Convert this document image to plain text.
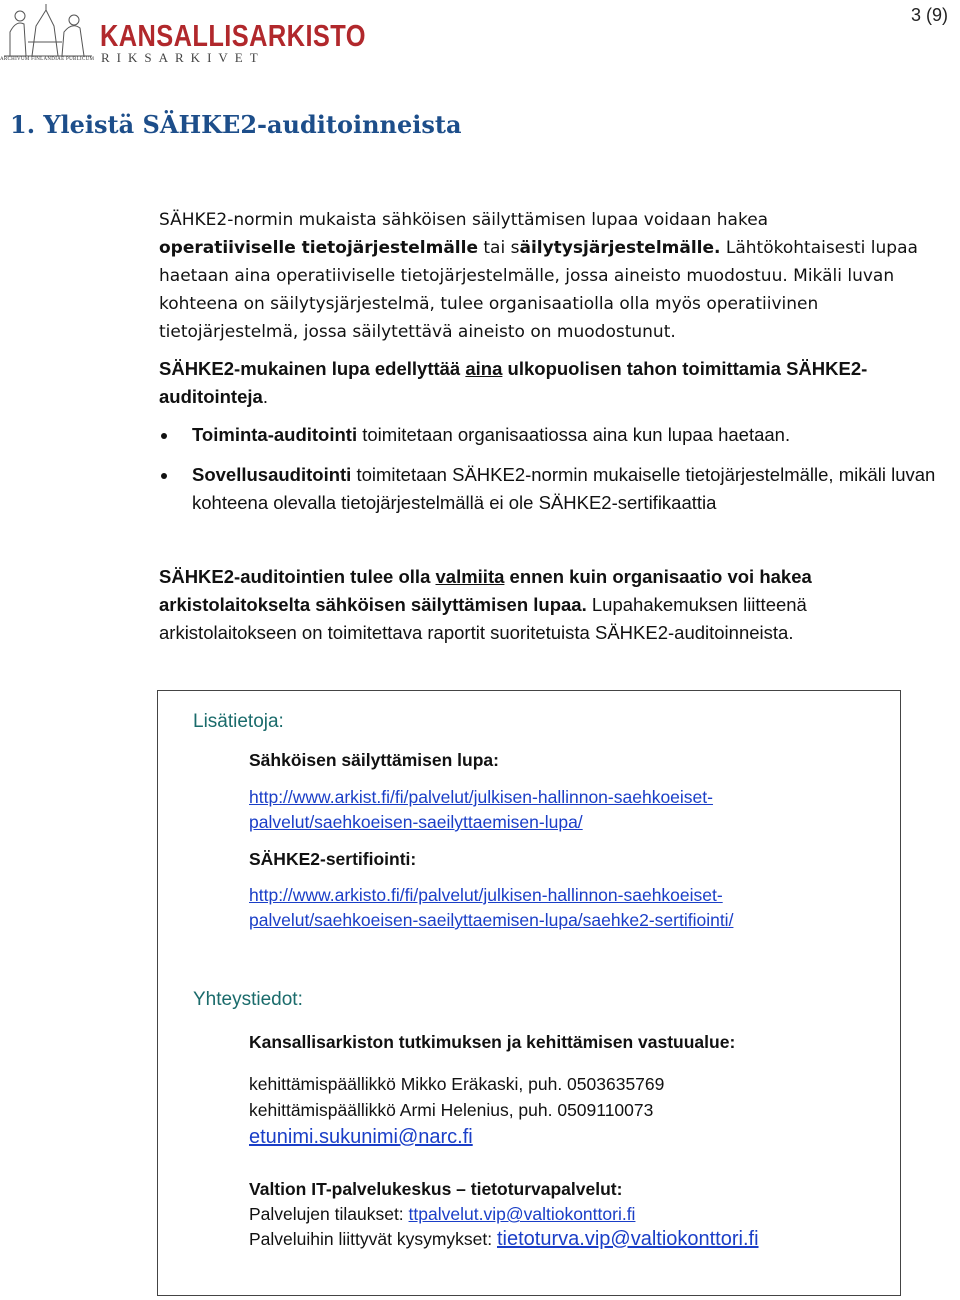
KANSALLISARKISTO
RIKSARKIVET
ARCHIVUM FINLANDIAE PUBLICUM
3 (9)
1. Yleistä SÄHKE2-auditoinneista

SÄHKE2-normin mukaista sähköisen säilyttämisen lupaa voidaan hakea
operatiiviselle tietojärjestelmälle tai säilytysjärjestelmälle. Lähtökohtaisesti lupaa haetaan aina operatiiviselle tietojärjestelmälle, jossa aineisto muodostuu. Mikäli luvan kohteena on säilytysjärjestelmä, tulee organisaatiolla olla myös operatiivinen tietojärjestelmä, jossa säilytettävä aineisto on muodostunut.

SÄHKE2-mukainen lupa edellyttää aina ulkopuolisen tahon toimittamia SÄHKE2-auditointeja.

Toiminta-auditointi toimitetaan organisaatiossa aina kun lupaa haetaan.
Sovellusauditointi toimitetaan SÄHKE2-normin mukaiselle tietojärjestelmälle, mikäli luvan kohteena olevalla tietojärjestelmällä ei ole SÄHKE2-sertifikaattia

SÄHKE2-auditointien tulee olla valmiita ennen kuin organisaatio voi hakea arkistolaitokselta sähköisen säilyttämisen lupaa. Lupahakemuksen liitteenä arkistolaitokseen on toimitettava raportit suoritetuista SÄHKE2-auditoinneista.

Lisätietoja:
Sähköisen säilyttämisen lupa:
http://www.arkist.fi/fi/palvelut/julkisen-hallinnon-saehkoeiset-
palvelut/saehkoeisen-saeilyttaemisen-lupa/
SÄHKE2-sertifiointi:
http://www.arkisto.fi/fi/palvelut/julkisen-hallinnon-saehkoeiset-
palvelut/saehkoeisen-saeilyttaemisen-lupa/saehke2-sertifiointi/
Yhteystiedot:
Kansallisarkiston tutkimuksen ja kehittämisen vastuualue:
kehittämispäällikkö Mikko Eräkaski, puh. 0503635769
kehittämispäällikkö Armi Helenius, puh. 0509110073
etunimi.sukunimi@narc.fi
Valtion IT-palvelukeskus – tietoturvapalvelut:
Palvelujen tilaukset: ttpalvelut.vip@valtiokonttori.fi
Palveluihin liittyvät kysymykset: tietoturva.vip@valtiokonttori.fi
